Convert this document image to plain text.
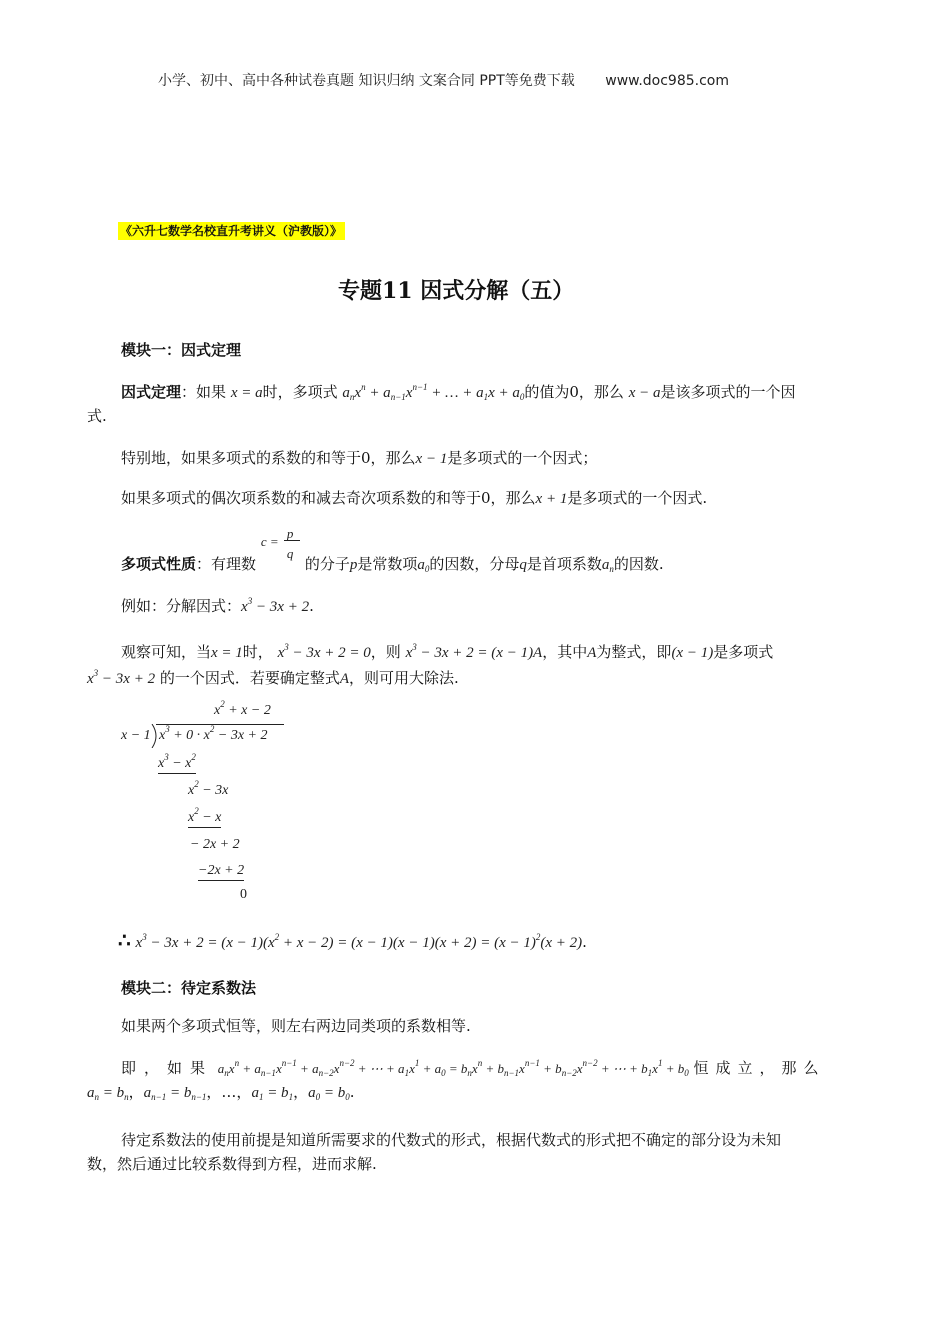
小学、初中、高中各种试卷真题 知识归纳 文案合同 PPT等免费下载 www.doc985.com
《六升七数学名校直升考讲义（沪教版）》
专题11 因式分解（五）
模块一：因式定理
因式定理：如果 x = a时，多项式 $a_nx^n + a_{n-1}x^{n-1}$ + … + $a_1x + a_0$的值为0，那么 x − a是该多项式的一个因
式.
特别地，如果多项式的系数的和等于0，那么x − 1是多项式的一个因式；
如果多项式的偶次项系数的和减去奇次项系数的和等于0，那么x + 1是多项式的一个因式.
多项式性质：有理数
c =
p
q
的分子p是常数项$a_0$的因数，分母q是首项系数$a_n$的因数.
例如：分解因式：$x^3 - 3x + 2$.
观察可知，当x = 1时， $x^3 - 3x + 2 = 0$，则 $x^3 - 3x + 2 = (x - 1)A$，其中A为整式，即(x − 1)是多项式
$x^3 - 3x + 2$ 的一个因式．若要确定整式A，则可用大除法.
$x^2 + x - 2$
x − 1 $x^3 + 0 \cdot x^2 - 3x + 2$
$x^3 - x^2$
$x^2 - 3x$
$x^2 - x$
− 2x + 2
−2x + 2
0
∴ $x^3 - 3x + 2 = (x - 1)(x^2 + x - 2) = (x - 1)(x - 1)(x + 2) = (x - 1)^2(x + 2)$.
模块二：待定系数法
如果两个多项式恒等，则左右两边同类项的系数相等.
即，如果 $a_nx^n + a_{n-1}x^{n-1} + a_{n-2}x^{n-2}$ + ⋯ + $a_1x^1 + a_0 = b_nx^n + b_{n-1}x^{n-1} + b_{n-2}x^{n-2}$ + ⋯ + $b_1x^1 + b_0$ 恒成立，那么
$a_n = b_n$，$a_{n-1} = b_{n-1}$，…，$a_1 = b_1$，$a_0 = b_0$.
待定系数法的使用前提是知道所需要求的代数式的形式，根据代数式的形式把不确定的部分设为未知
数，然后通过比较系数得到方程，进而求解.
